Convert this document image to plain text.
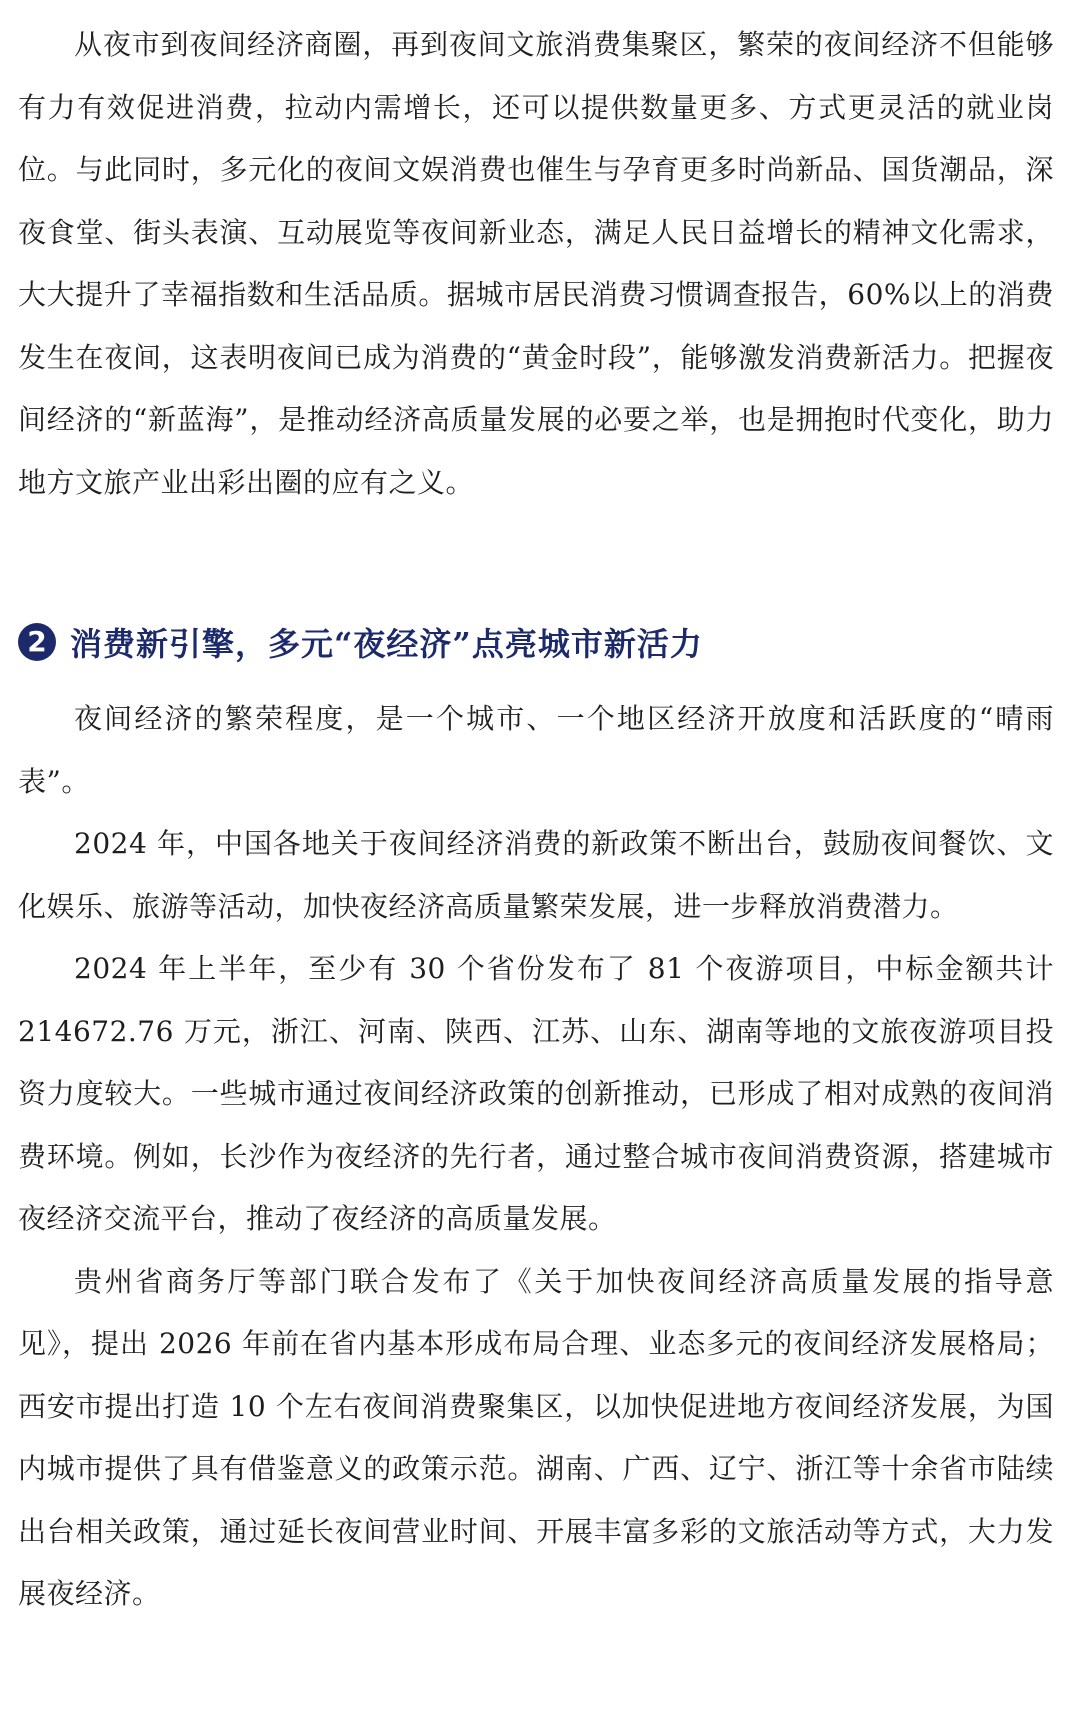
从夜市到夜间经济商圈，再到夜间文旅消费集聚区，繁荣的夜间经济不但能够有力有效促进消费，拉动内需增长，还可以提供数量更多、方式更灵活的就业岗位。与此同时，多元化的夜间文娱消费也催生与孕育更多时尚新品、国货潮品，深夜食堂、街头表演、互动展览等夜间新业态，满足人民日益增长的精神文化需求，大大提升了幸福指数和生活品质。据城市居民消费习惯调查报告，60%以上的消费发生在夜间，这表明夜间已成为消费的“黄金时段”，能够激发消费新活力。把握夜间经济的“新蓝海”，是推动经济高质量发展的必要之举，也是拥抱时代变化，助力地方文旅产业出彩出圈的应有之义。

2 消费新引擎，多元“夜经济”点亮城市新活力

夜间经济的繁荣程度，是一个城市、一个地区经济开放度和活跃度的“晴雨表”。

2024 年，中国各地关于夜间经济消费的新政策不断出台，鼓励夜间餐饮、文化娱乐、旅游等活动，加快夜经济高质量繁荣发展，进一步释放消费潜力。

2024 年上半年，至少有 30 个省份发布了 81 个夜游项目，中标金额共计 214672.76 万元，浙江、河南、陕西、江苏、山东、湖南等地的文旅夜游项目投资力度较大。一些城市通过夜间经济政策的创新推动，已形成了相对成熟的夜间消费环境。例如，长沙作为夜经济的先行者，通过整合城市夜间消费资源，搭建城市夜经济交流平台，推动了夜经济的高质量发展。

贵州省商务厅等部门联合发布了《关于加快夜间经济高质量发展的指导意见》，提出 2026 年前在省内基本形成布局合理、业态多元的夜间经济发展格局；西安市提出打造 10 个左右夜间消费聚集区，以加快促进地方夜间经济发展，为国内城市提供了具有借鉴意义的政策示范。湖南、广西、辽宁、浙江等十余省市陆续出台相关政策，通过延长夜间营业时间、开展丰富多彩的文旅活动等方式，大力发展夜经济。
